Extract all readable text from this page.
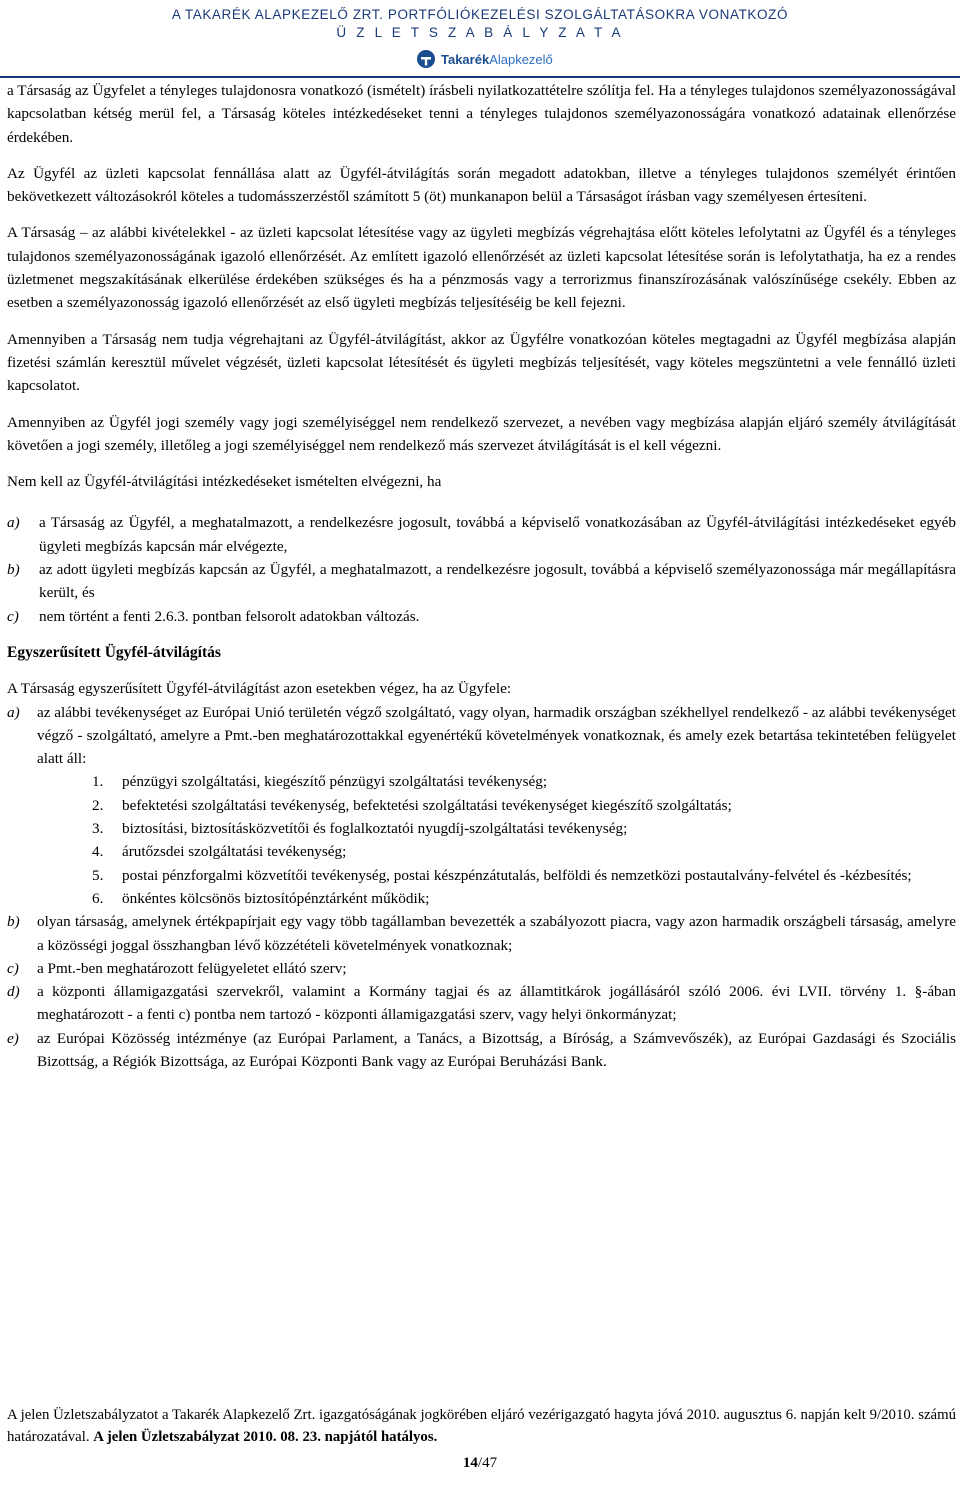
A TAKARÉK ALAPKEZELŐ ZRT. PORTFÓLIÓKEZELÉSI SZOLGÁLTATÁSOKRA VONATKOZÓ
Ü Z L E T S Z A B Á L Y Z A T A
TakarékAlapkezelő

a Társaság az Ügyfelet a tényleges tulajdonosra vonatkozó (ismételt) írásbeli nyilatkozattételre szólítja fel. Ha a tényleges tulajdonos személyazonosságával kapcsolatban kétség merül fel, a Társaság köteles intézkedéseket tenni a tényleges tulajdonos személyazonosságára vonatkozó adatainak ellenőrzése érdekében.

Az Ügyfél az üzleti kapcsolat fennállása alatt az Ügyfél-átvilágítás során megadott adatokban, illetve a tényleges tulajdonos személyét érintően bekövetkezett változásokról köteles a tudomásszerzéstől számított 5 (öt) munkanapon belül a Társaságot írásban vagy személyesen értesíteni.

A Társaság – az alábbi kivételekkel - az üzleti kapcsolat létesítése vagy az ügyleti megbízás végrehajtása előtt köteles lefolytatni az Ügyfél és a tényleges tulajdonos személyazonosságának igazoló ellenőrzését. Az említett igazoló ellenőrzését az üzleti kapcsolat létesítése során is lefolytathatja, ha ez a rendes üzletmenet megszakításának elkerülése érdekében szükséges és ha a pénzmosás vagy a terrorizmus finanszírozásának valószínűsége csekély. Ebben az esetben a személyazonosság igazoló ellenőrzését az első ügyleti megbízás teljesítéséig be kell fejezni.

Amennyiben a Társaság nem tudja végrehajtani az Ügyfél-átvilágítást, akkor az Ügyfélre vonatkozóan köteles megtagadni az Ügyfél megbízása alapján fizetési számlán keresztül művelet végzését, üzleti kapcsolat létesítését és ügyleti megbízás teljesítését, vagy köteles megszüntetni a vele fennálló üzleti kapcsolatot.

Amennyiben az Ügyfél jogi személy vagy jogi személyiséggel nem rendelkező szervezet, a nevében vagy megbízása alapján eljáró személy átvilágítását követően a jogi személy, illetőleg a jogi személyiséggel nem rendelkező más szervezet átvilágítását is el kell végezni.

Nem kell az Ügyfél-átvilágítási intézkedéseket ismételten elvégezni, ha

a)	a Társaság az Ügyfél, a meghatalmazott, a rendelkezésre jogosult, továbbá a képviselő vonatkozásában az Ügyfél-átvilágítási intézkedéseket egyéb ügyleti megbízás kapcsán már elvégezte,
b)	az adott ügyleti megbízás kapcsán az Ügyfél, a meghatalmazott, a rendelkezésre jogosult, továbbá a képviselő személyazonossága már megállapításra került, és
c)	nem történt a fenti 2.6.3. pontban felsorolt adatokban változás.
Egyszerűsített Ügyfél-átvilágítás

A Társaság egyszerűsített Ügyfél-átvilágítást azon esetekben végez, ha az Ügyfele:

a)	az alábbi tevékenységet az Európai Unió területén végző szolgáltató, vagy olyan, harmadik országban székhellyel rendelkező - az alábbi tevékenységet végző - szolgáltató, amelyre a Pmt.-ben meghatározottakkal egyenértékű követelmények vonatkoznak, és amely ezek betartása tekintetében felügyelet alatt áll:
1.	pénzügyi szolgáltatási, kiegészítő pénzügyi szolgáltatási tevékenység;
2.	befektetési szolgáltatási tevékenység, befektetési szolgáltatási tevékenységet kiegészítő szolgáltatás;
3.	biztosítási, biztosításközvetítői és foglalkoztatói nyugdíj-szolgáltatási tevékenység;
4.	árutőzsdei szolgáltatási tevékenység;
5.	postai pénzforgalmi közvetítői tevékenység, postai készpénzátutalás, belföldi és nemzetközi postautalvány-felvétel és -kézbesítés;
6.	önkéntes kölcsönös biztosítópénztárként működik;
b)	olyan társaság, amelynek értékpapírjait egy vagy több tagállamban bevezették a szabályozott piacra, vagy azon harmadik országbeli társaság, amelyre a közösségi joggal összhangban lévő közzétételi követelmények vonatkoznak;
c)	a Pmt.-ben meghatározott felügyeletet ellátó szerv;
d)	a központi államigazgatási szervekről, valamint a Kormány tagjai és az államtitkárok jogállásáról szóló 2006. évi LVII. törvény 1. §-ában meghatározott - a fenti c) pontba nem tartozó - központi államigazgatási szerv, vagy helyi önkormányzat;
e)	az Európai Közösség intézménye (az Európai Parlament, a Tanács, a Bizottság, a Bíróság, a Számvevőszék), az Európai Gazdasági és Szociális Bizottság, a Régiók Bizottsága, az Európai Központi Bank vagy az Európai Beruházási Bank.
A jelen Üzletszabályzatot a Takarék Alapkezelő Zrt. igazgatóságának jogkörében eljáró vezérigazgató hagyta jóvá 2010. augusztus 6. napján kelt 9/2010. számú határozatával. A jelen Üzletszabályzat 2010. 08. 23. napjától hatályos.
14/47
